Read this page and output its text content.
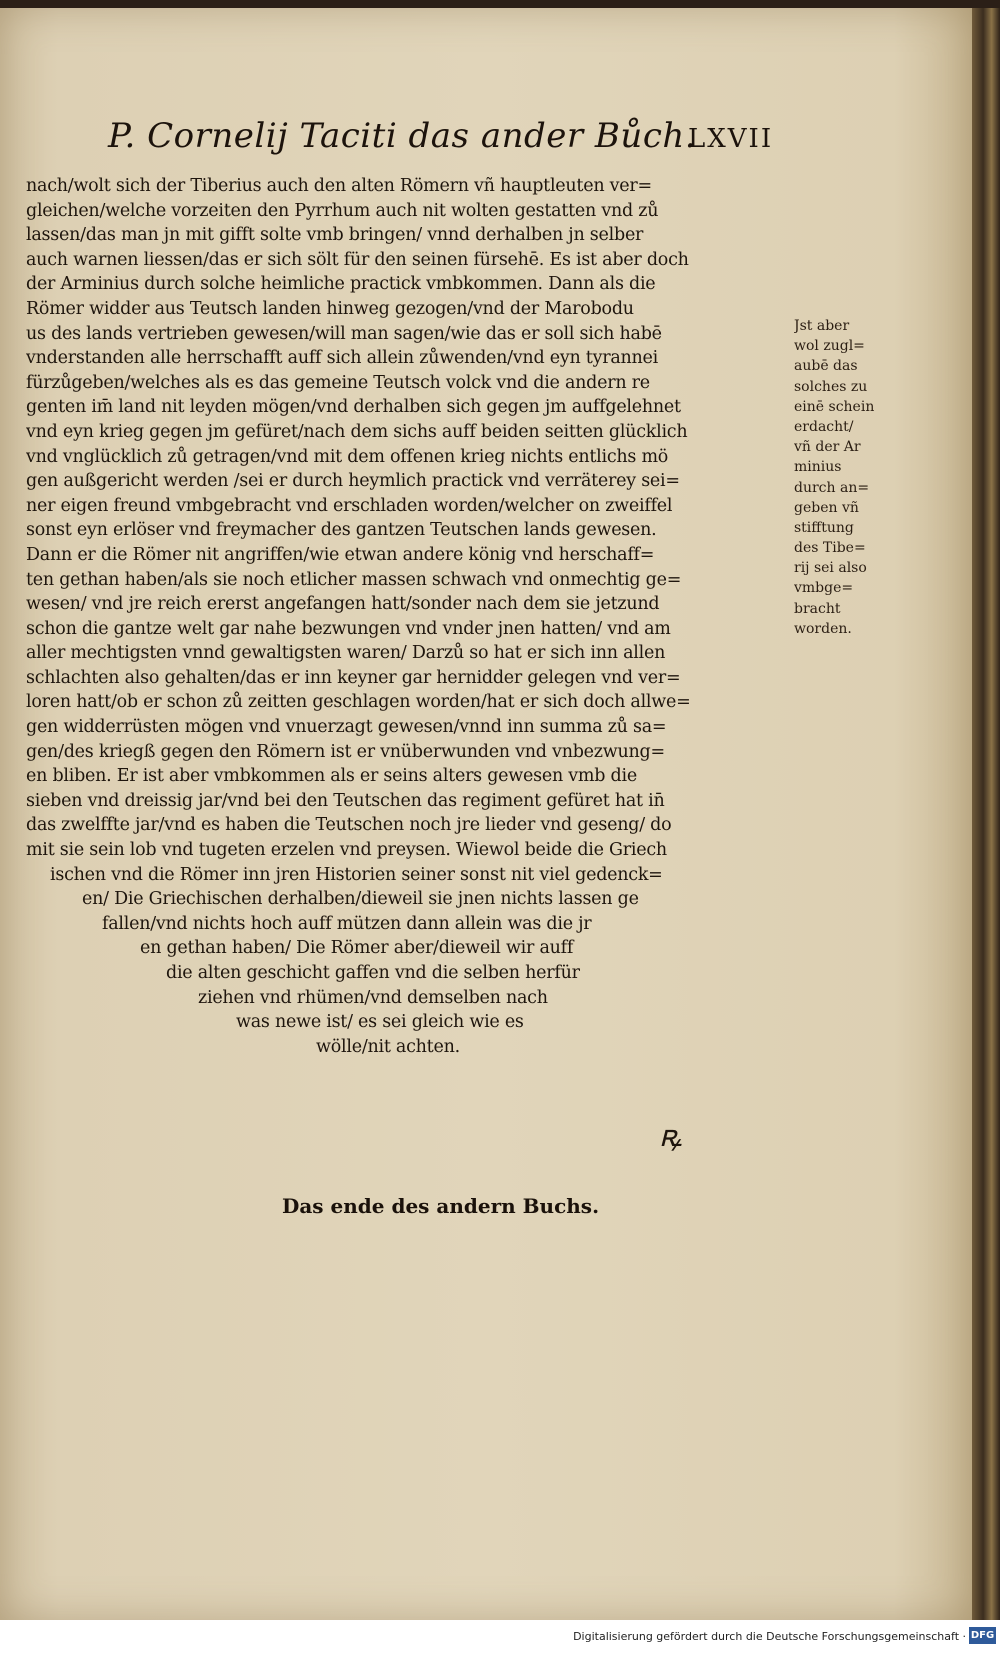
P. Cornelij Taciti das ander Bůch.
LXVII
nach/wolt sich der Tiberius auch den alten Römern vñ hauptleuten ver=
gleichen/welche vorzeiten den Pyrrhum auch nit wolten gestatten vnd zů
lassen/das man jn mit gifft solte vmb bringen/ vnnd derhalben jn selber
auch warnen liessen/das er sich sölt für den seinen fürsehē. Es ist aber doch
der Arminius durch solche heimliche practick vmbkommen. Dann als die
Römer widder aus Teutsch landen hinweg gezogen/vnd der Marobodu
us des lands vertrieben gewesen/will man sagen/wie das er soll sich habē
vnderstanden alle herrschafft auff sich allein zůwenden/vnd eyn tyrannei
fürzůgeben/welches als es das gemeine Teutsch volck vnd die andern re
genten im̄ land nit leyden mögen/vnd derhalben sich gegen jm auffgelehnet
vnd eyn krieg gegen jm gefüret/nach dem sichs auff beiden seitten glücklich
vnd vnglücklich zů getragen/vnd mit dem offenen krieg nichts entlichs mö
gen außgericht werden /sei er durch heymlich practick vnd verräterey sei=
ner eigen freund vmbgebracht vnd erschladen worden/welcher on zweiffel
sonst eyn erlöser vnd freymacher des gantzen Teutschen lands gewesen.
Dann er die Römer nit angriffen/wie etwan andere könig vnd herschaff=
ten gethan haben/als sie noch etlicher massen schwach vnd onmechtig ge=
wesen/ vnd jre reich ererst angefangen hatt/sonder nach dem sie jetzund
schon die gantze welt gar nahe bezwungen vnd vnder jnen hatten/ vnd am
aller mechtigsten vnnd gewaltigsten waren/ Darzů so hat er sich inn allen
schlachten also gehalten/das er inn keyner gar hernidder gelegen vnd ver=
loren hatt/ob er schon zů zeitten geschlagen worden/hat er sich doch allwe=
gen widderrüsten mögen vnd vnuerzagt gewesen/vnnd inn summa zů sa=
gen/des kriegß gegen den Römern ist er vnüberwunden vnd vnbezwung=
en bliben. Er ist aber vmbkommen als er seins alters gewesen vmb die
sieben vnd dreissig jar/vnd bei den Teutschen das regiment gefüret hat in̄
das zwelffte jar/vnd es haben die Teutschen noch jre lieder vnd geseng/ do
mit sie sein lob vnd tugeten erzelen vnd preysen. Wiewol beide die Griech
ischen vnd die Römer inn jren Historien seiner sonst nit viel gedenck=
en/ Die Griechischen derhalben/dieweil sie jnen nichts lassen ge
fallen/vnd nichts hoch auff mützen dann allein was die jr
en gethan haben/ Die Römer aber/dieweil wir auff
die alten geschicht gaffen vnd die selben herfür
ziehen vnd rhümen/vnd demselben nach
was newe ist/ es sei gleich wie es
wölle/nit achten.
Jst aber
wol zugl=
aubē das
solches zu
einē schein
erdacht/
vñ der Ar
minius
durch an=
geben vñ
stifftung
des Tibe=
rij sei also
vmbge=
bracht
worden.
ꝶ
Das ende des andern Buchs.
Digitalisierung gefördert durch die Deutsche Forschungsgemeinschaft · DFG
